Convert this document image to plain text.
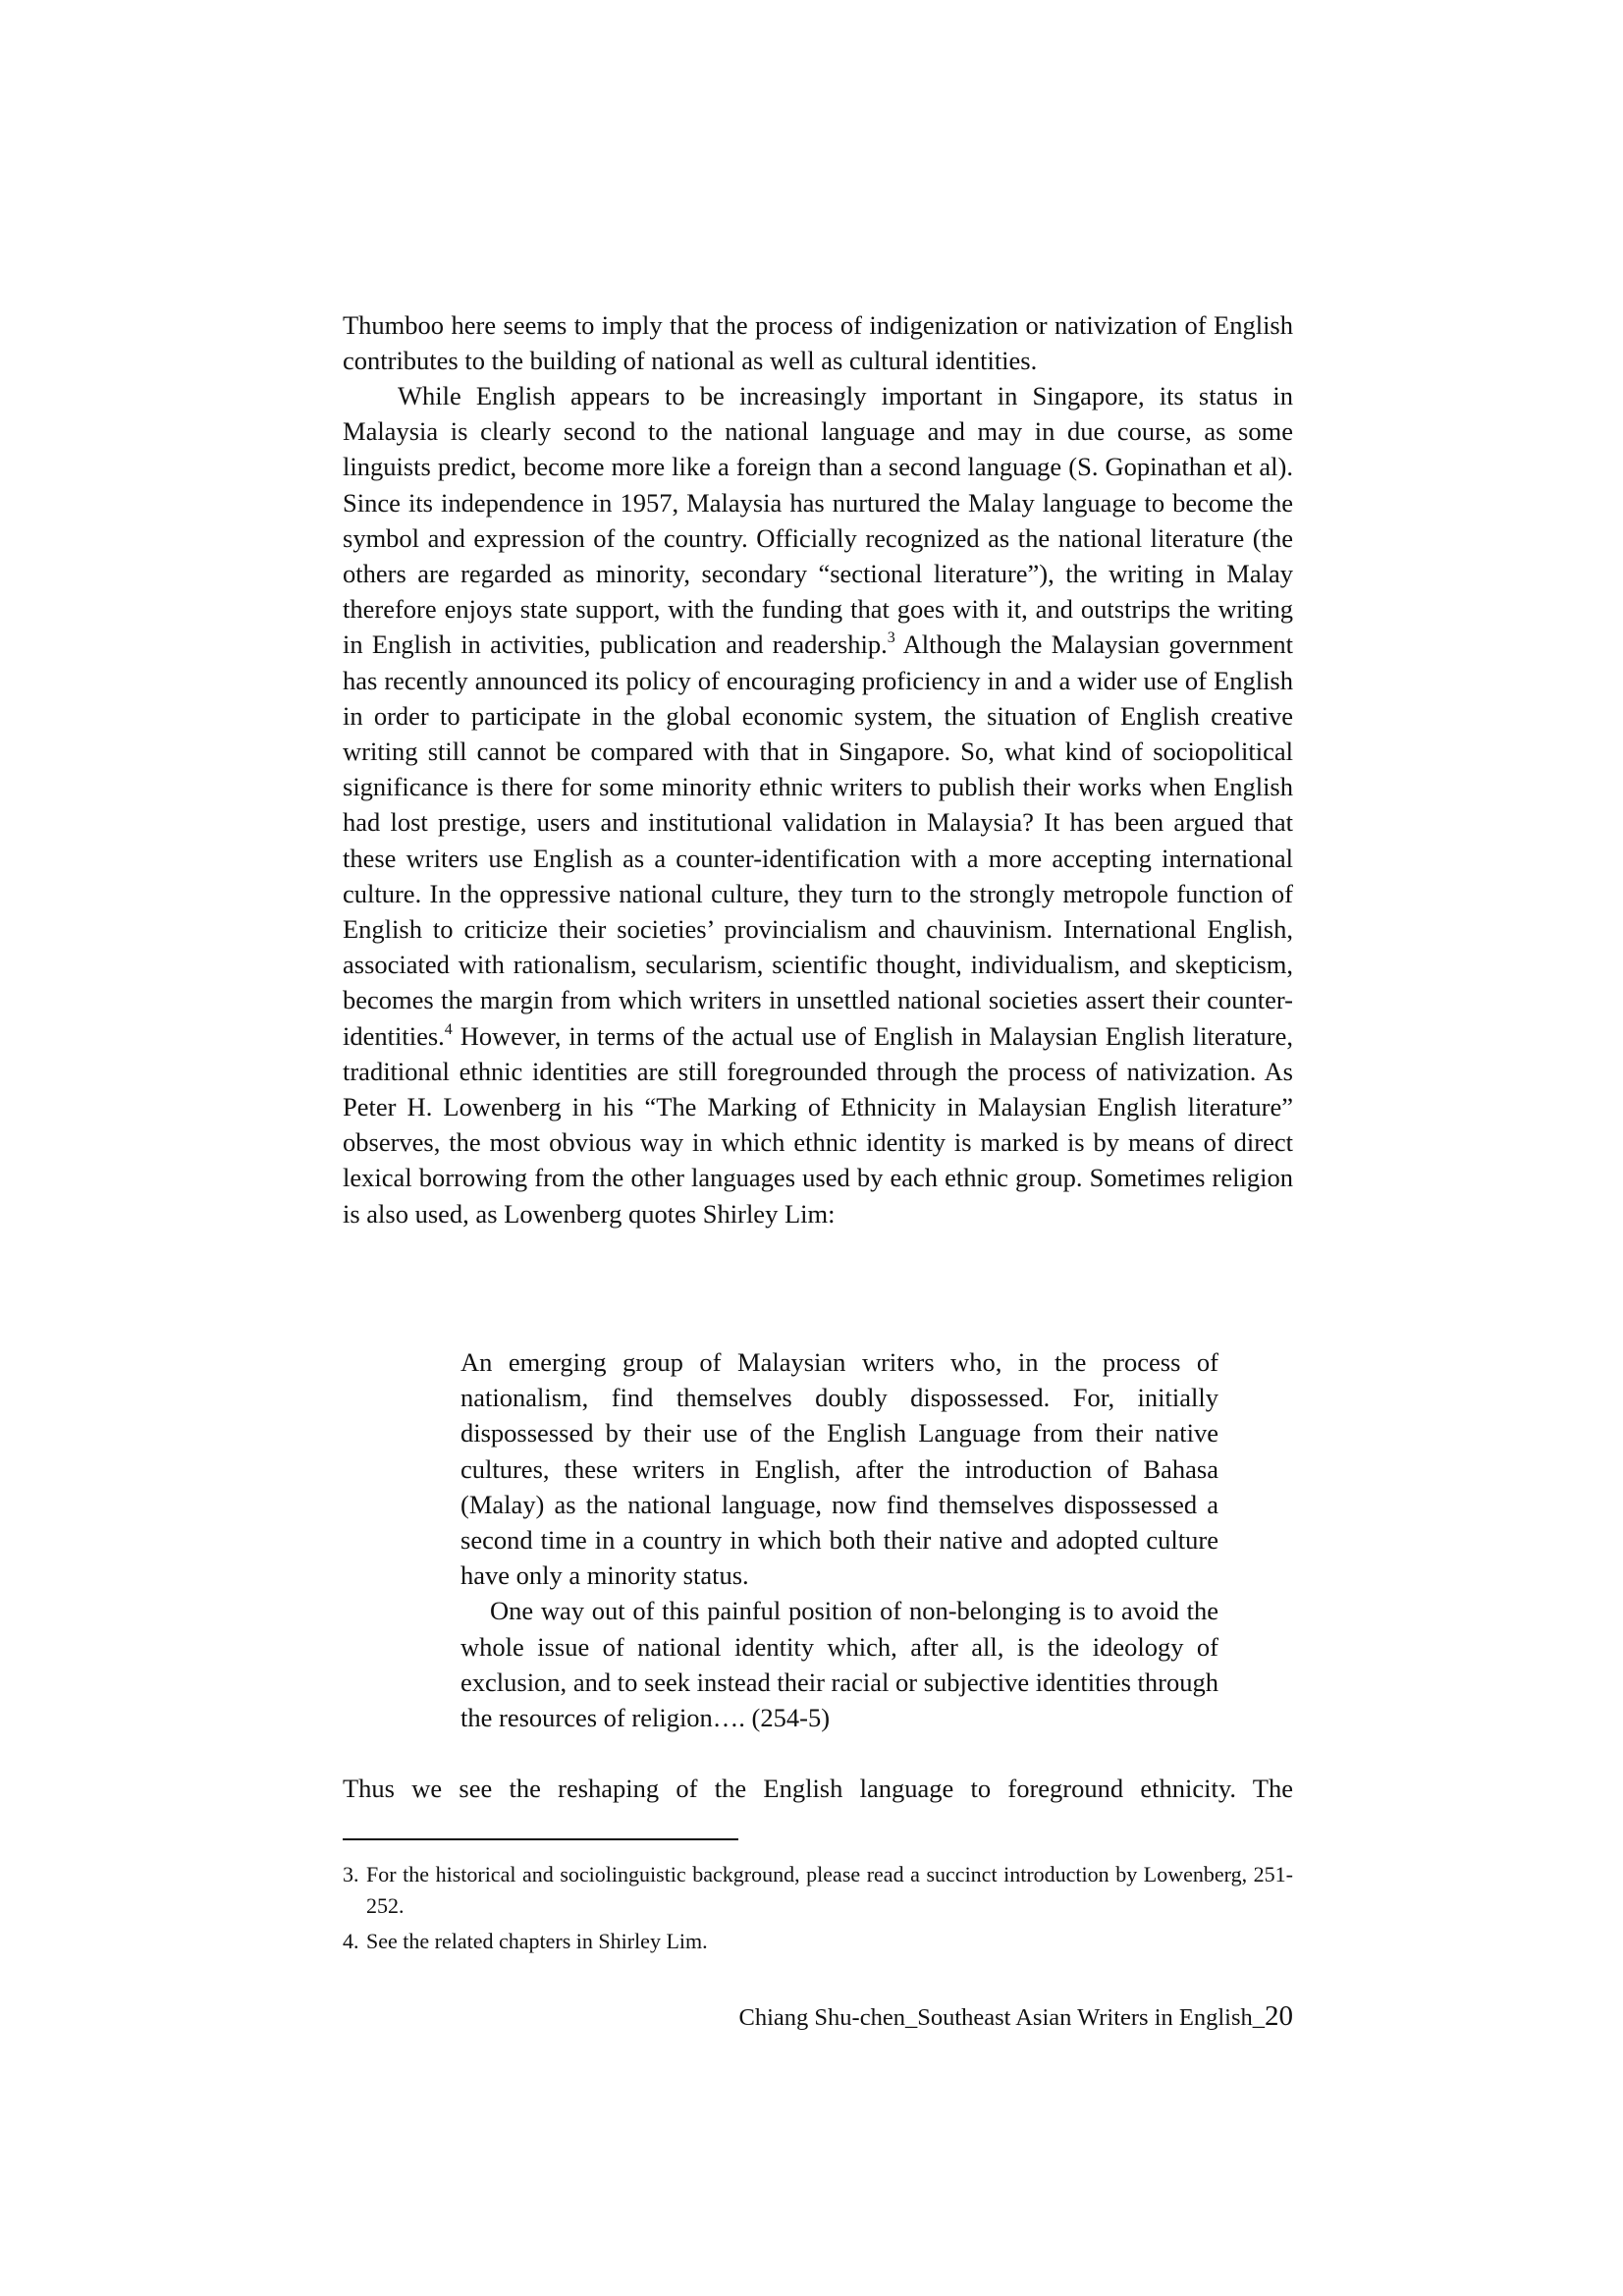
Thumboo here seems to imply that the process of indigenization or nativization of English contributes to the building of national as well as cultural identities.

While English appears to be increasingly important in Singapore, its status in Malaysia is clearly second to the national language and may in due course, as some linguists predict, become more like a foreign than a second language (S. Gopinathan et al). Since its independence in 1957, Malaysia has nurtured the Malay language to become the symbol and expression of the country. Officially recognized as the national literature (the others are regarded as minority, secondary “sectional literature”), the writing in Malay therefore enjoys state support, with the funding that goes with it, and outstrips the writing in English in activities, publication and readership.$^3$ Although the Malaysian government has recently announced its policy of encouraging proficiency in and a wider use of English in order to participate in the global economic system, the situation of English creative writing still cannot be compared with that in Singapore. So, what kind of sociopolitical significance is there for some minority ethnic writers to publish their works when English had lost prestige, users and institutional validation in Malaysia? It has been argued that these writers use English as a counter-identification with a more accepting international culture. In the oppressive national culture, they turn to the strongly metropole function of English to criticize their societies’ provincialism and chauvinism. International English, associated with rationalism, secularism, scientific thought, individualism, and skepticism, becomes the margin from which writers in unsettled national societies assert their counter-identities.$^4$ However, in terms of the actual use of English in Malaysian English literature, traditional ethnic identities are still foregrounded through the process of nativization. As Peter H. Lowenberg in his “The Marking of Ethnicity in Malaysian English literature” observes, the most obvious way in which ethnic identity is marked is by means of direct lexical borrowing from the other languages used by each ethnic group. Sometimes religion is also used, as Lowenberg quotes Shirley Lim:

An emerging group of Malaysian writers who, in the process of nationalism, find themselves doubly dispossessed. For, initially dispossessed by their use of the English Language from their native cultures, these writers in English, after the introduction of Bahasa (Malay) as the national language, now find themselves dispossessed a second time in a country in which both their native and adopted culture have only a minority status.

One way out of this painful position of non-belonging is to avoid the whole issue of national identity which, after all, is the ideology of exclusion, and to seek instead their racial or subjective identities through the resources of religion…. (254-5)

Thus we see the reshaping of the English language to foreground ethnicity. The

3. For the historical and sociolinguistic background, please read a succinct introduction by Lowenberg, 251-252.
4. See the related chapters in Shirley Lim.
Chiang Shu-chen_Southeast Asian Writers in English_20
